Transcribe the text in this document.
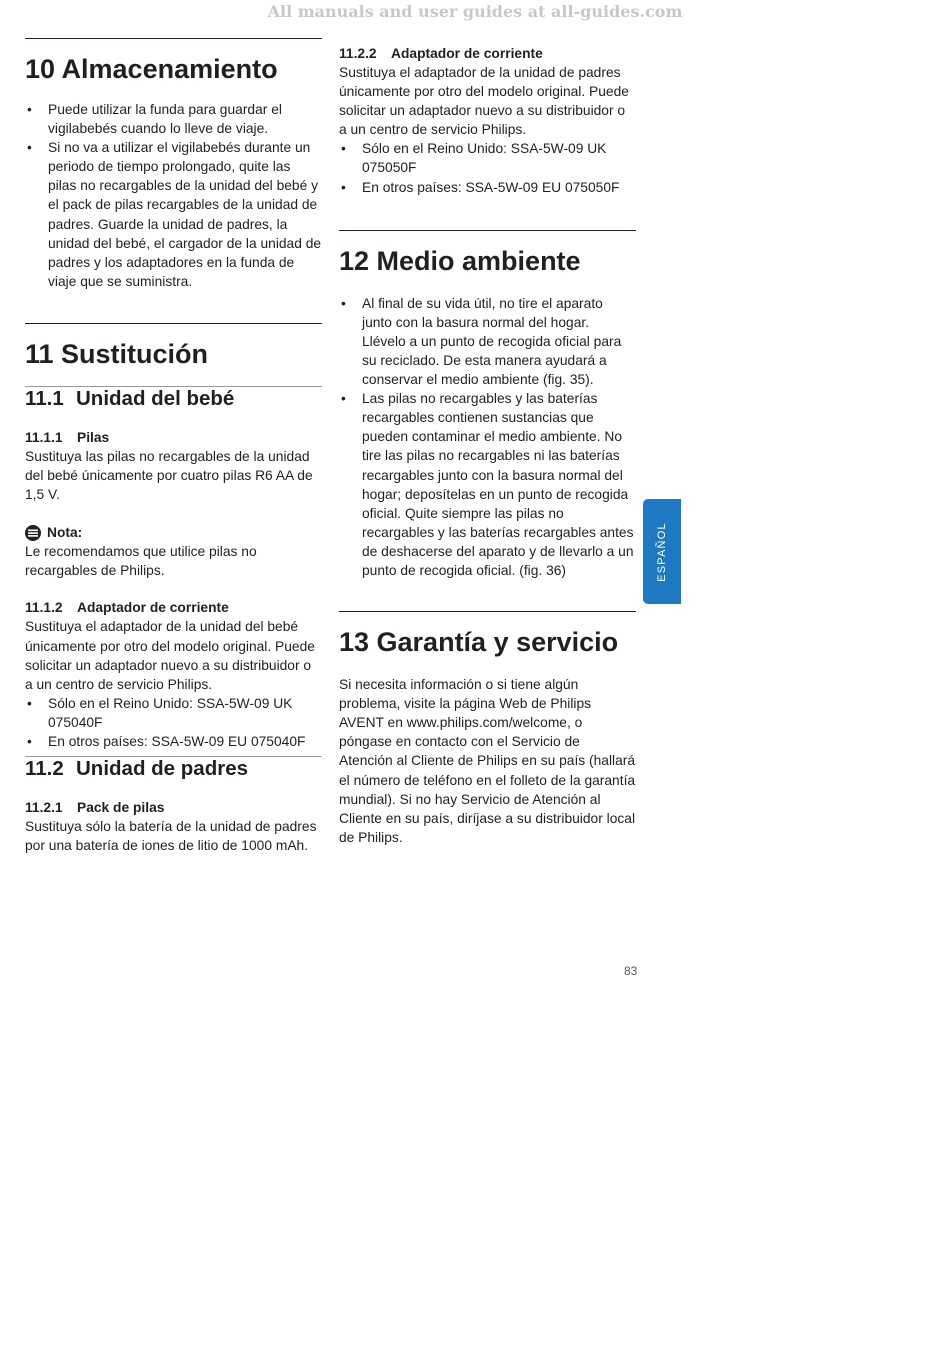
All manuals and user guides at all-guides.com

10 Almacenamiento
• Puede utilizar la funda para guardar el vigilabebés cuando lo lleve de viaje.
• Si no va a utilizar el vigilabebés durante un periodo de tiempo prolongado, quite las pilas no recargables de la unidad del bebé y el pack de pilas recargables de la unidad de padres. Guarde la unidad de padres, la unidad del bebé, el cargador de la unidad de padres y los adaptadores en la funda de viaje que se suministra.
11 Sustitución
11.1 Unidad del bebé
11.1.1 Pilas

Sustituya las pilas no recargables de la unidad del bebé únicamente por cuatro pilas R6 AA de 1,5 V.

Nota:

Le recomendamos que utilice pilas no recargables de Philips.

11.1.2 Adaptador de corriente

Sustituya el adaptador de la unidad del bebé únicamente por otro del modelo original. Puede solicitar un adaptador nuevo a su distribuidor o a un centro de servicio Philips.

• Sólo en el Reino Unido: SSA-5W-09 UK 075040F
• En otros países: SSA-5W-09 EU 075040F
11.2 Unidad de padres
11.2.1 Pack de pilas

Sustituya sólo la batería de la unidad de padres por una batería de iones de litio de 1000 mAh.

11.2.2 Adaptador de corriente

Sustituya el adaptador de la unidad de padres únicamente por otro del modelo original. Puede solicitar un adaptador nuevo a su distribuidor o a un centro de servicio Philips.

• Sólo en el Reino Unido: SSA-5W-09 UK 075050F
• En otros países: SSA-5W-09 EU 075050F
12 Medio ambiente
• Al final de su vida útil, no tire el aparato junto con la basura normal del hogar. Llévelo a un punto de recogida oficial para su reciclado. De esta manera ayudará a conservar el medio ambiente (fig. 35).
• Las pilas no recargables y las baterías recargables contienen sustancias que pueden contaminar el medio ambiente. No tire las pilas no recargables ni las baterías recargables junto con la basura normal del hogar; deposítelas en un punto de recogida oficial. Quite siempre las pilas no recargables y las baterías recargables antes de deshacerse del aparato y de llevarlo a un punto de recogida oficial. (fig. 36)
13 Garantía y servicio

Si necesita información o si tiene algún problema, visite la página Web de Philips AVENT en www.philips.com/welcome, o póngase en contacto con el Servicio de Atención al Cliente de Philips en su país (hallará el número de teléfono en el folleto de la garantía mundial). Si no hay Servicio de Atención al Cliente en su país, diríjase a su distribuidor local de Philips.

ESPAÑOL

83
